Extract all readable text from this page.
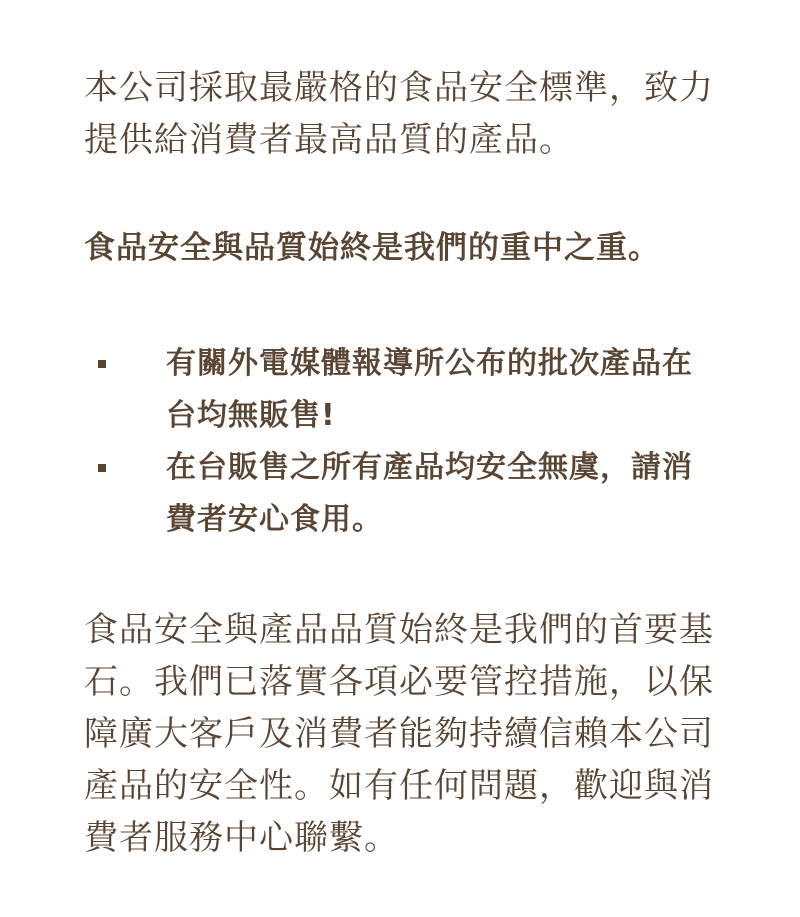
本公司採取最嚴格的食品安全標準，致力提供給消費者最高品質的產品。

食品安全與品質始終是我們的重中之重。
有關外電媒體報導所公布的批次產品在台均無販售!
在台販售之所有產品均安全無虞，請消費者安心食用。

食品安全與產品品質始終是我們的首要基石。我們已落實各項必要管控措施，以保障廣大客戶及消費者能夠持續信賴本公司產品的安全性。如有任何問題，歡迎與消費者服務中心聯繫。
